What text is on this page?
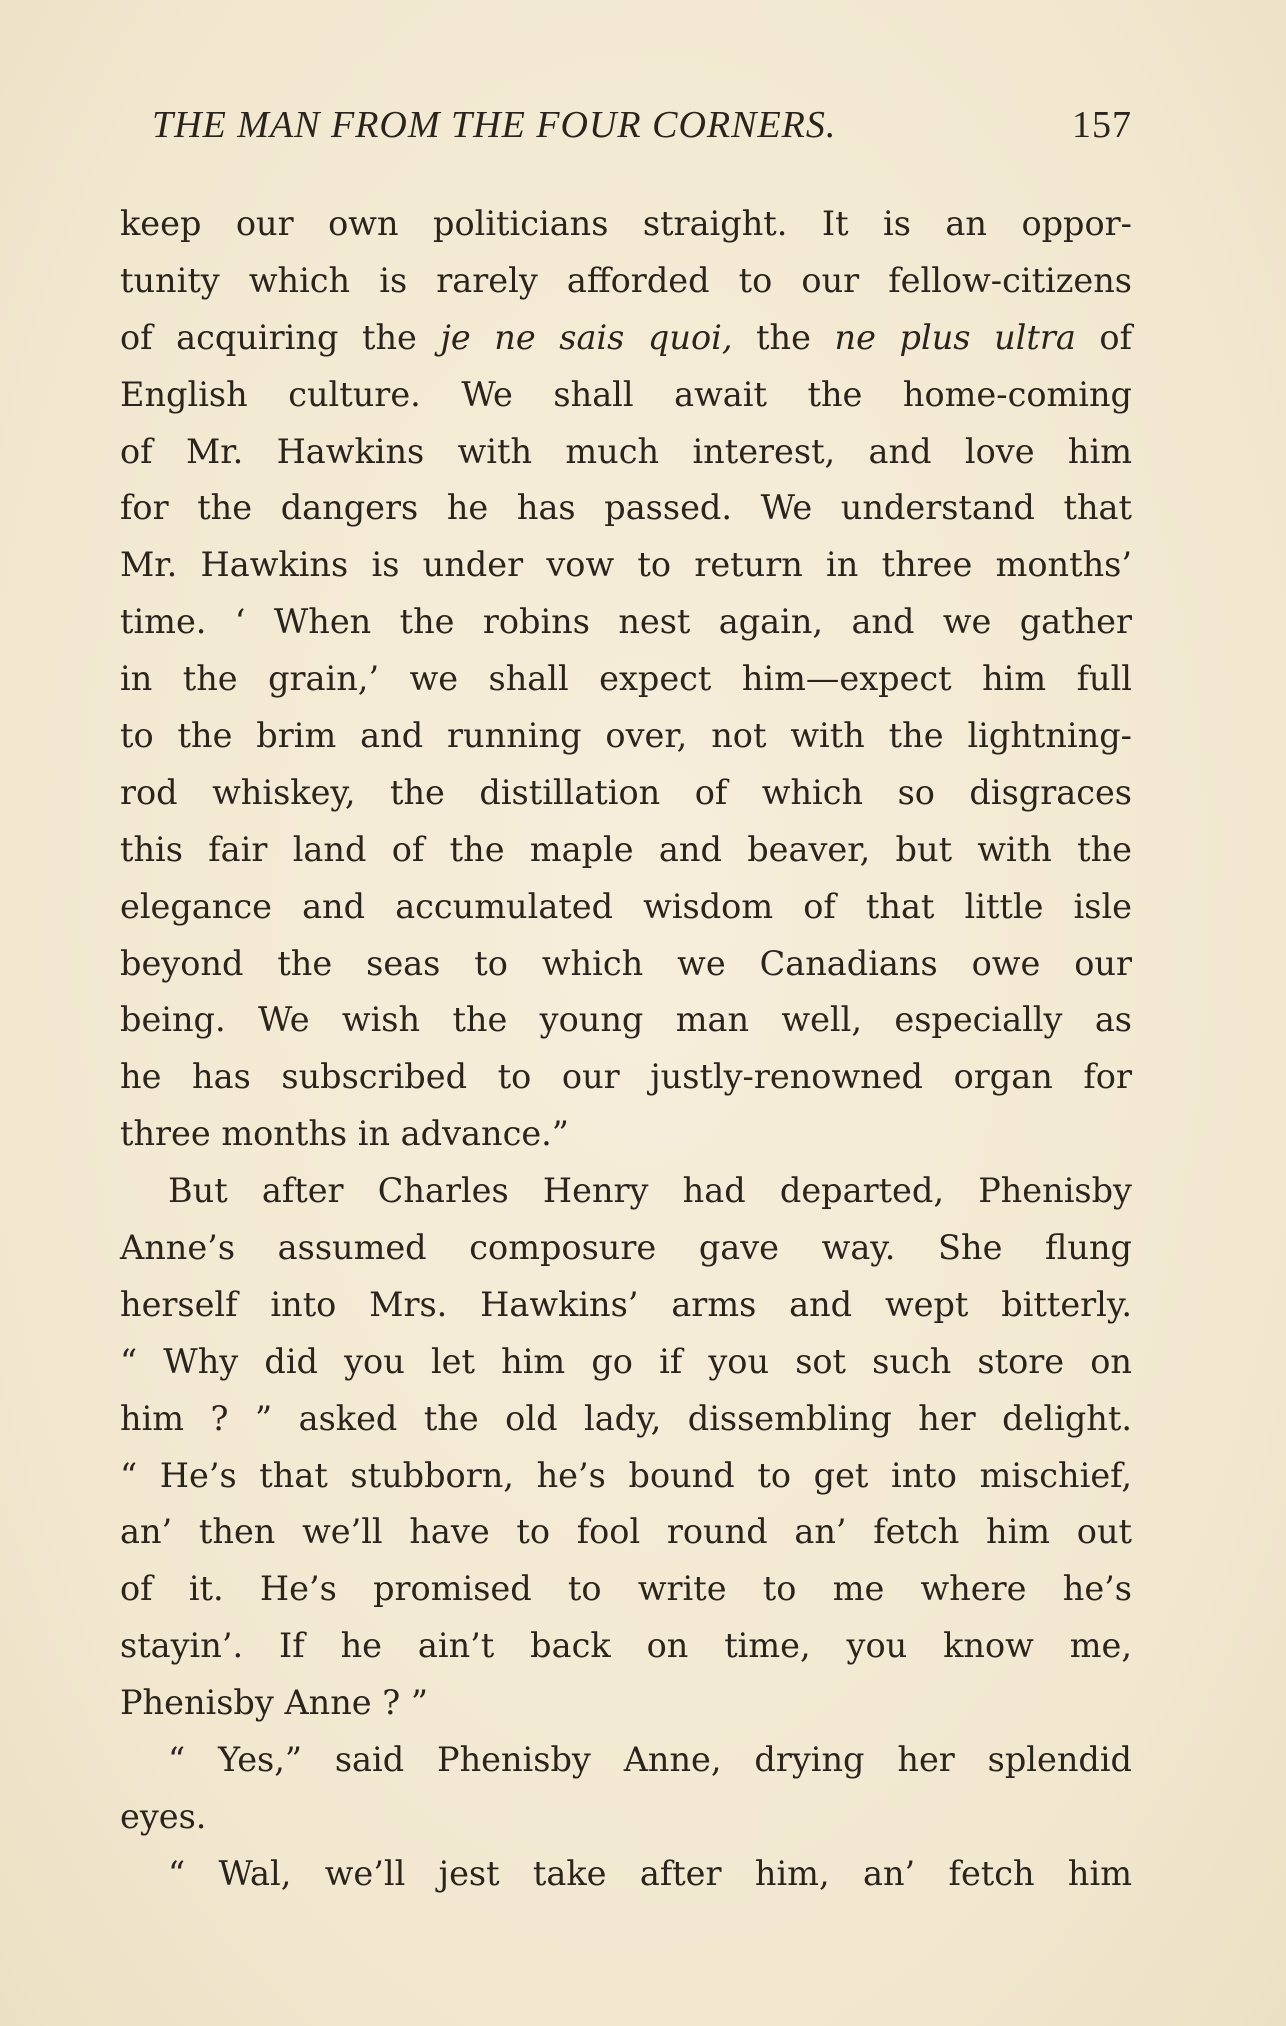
THE MAN FROM THE FOUR CORNERS.	157
keep our own politicians straight. It is an oppor-
tunity which is rarely afforded to our fellow-citizens
of acquiring the je ne sais quoi, the ne plus ultra of
English culture. We shall await the home-coming
of Mr. Hawkins with much interest, and love him
for the dangers he has passed. We understand that
Mr. Hawkins is under vow to return in three months’
time. ‘ When the robins nest again, and we gather
in the grain,’ we shall expect him—expect him full
to the brim and running over, not with the lightning-
rod whiskey, the distillation of which so disgraces
this fair land of the maple and beaver, but with the
elegance and accumulated wisdom of that little isle
beyond the seas to which we Canadians owe our
being. We wish the young man well, especially as
he has subscribed to our justly-renowned organ for
three months in advance.”
But after Charles Henry had departed, Phenisby
Anne’s assumed composure gave way. She flung
herself into Mrs. Hawkins’ arms and wept bitterly.
“ Why did you let him go if you sot such store on
him ? ” asked the old lady, dissembling her delight.
“ He’s that stubborn, he’s bound to get into mischief,
an’ then we’ll have to fool round an’ fetch him out
of it. He’s promised to write to me where he’s
stayin’. If he ain’t back on time, you know me,
Phenisby Anne ? ”
“ Yes,” said Phenisby Anne, drying her splendid
eyes.
“ Wal, we’ll jest take after him, an’ fetch him
